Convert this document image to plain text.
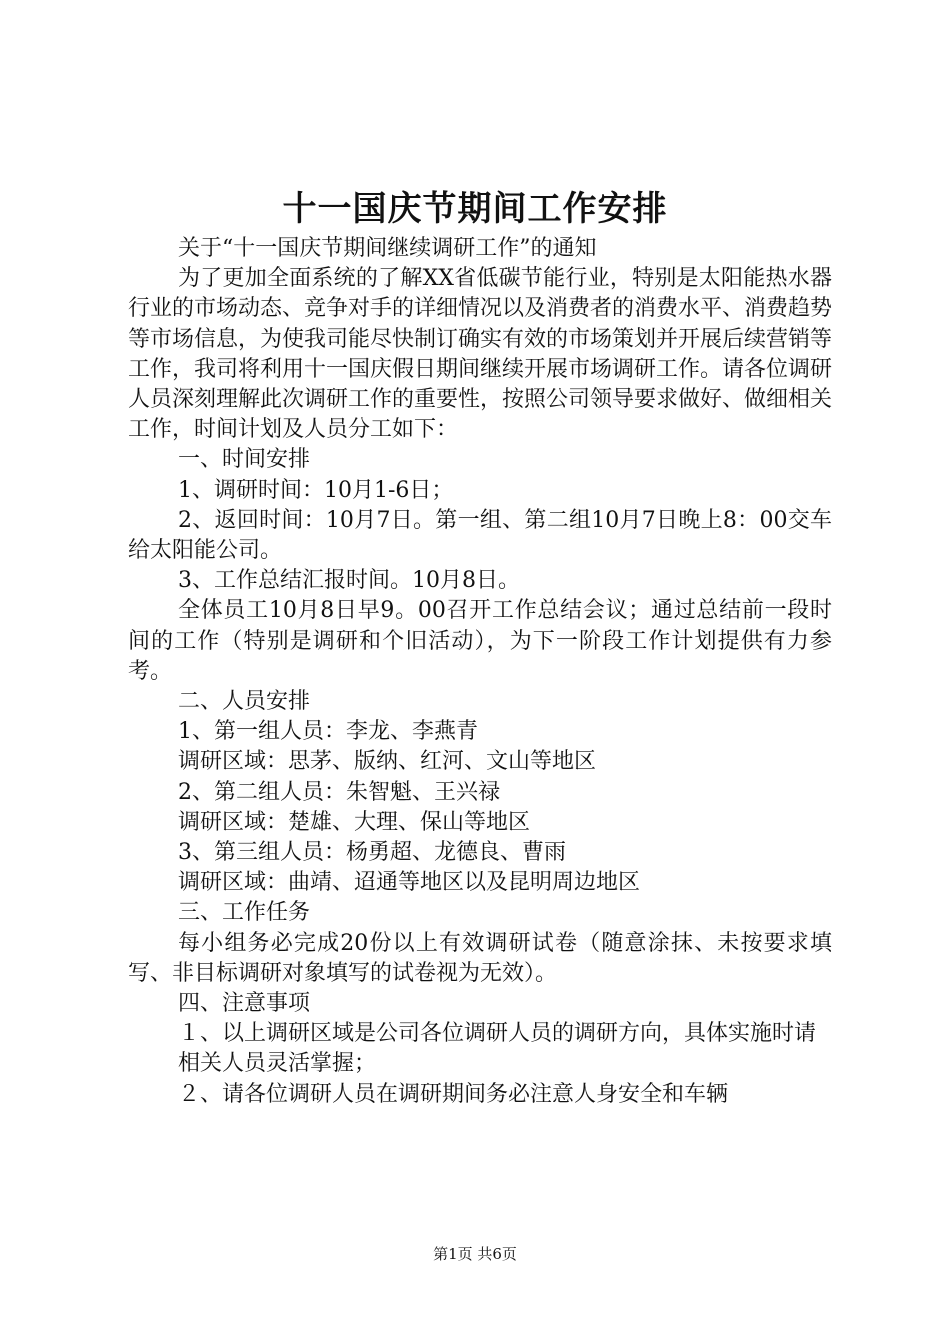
十一国庆节期间工作安排

关于“十一国庆节期间继续调研工作”的通知

为了更加全面系统的了解XX省低碳节能行业，特别是太阳能热水器行业的市场动态、竞争对手的详细情况以及消费者的消费水平、消费趋势等市场信息，为使我司能尽快制订确实有效的市场策划并开展后续营销等工作，我司将利用十一国庆假日期间继续开展市场调研工作。请各位调研人员深刻理解此次调研工作的重要性，按照公司领导要求做好、做细相关工作，时间计划及人员分工如下：

一、时间安排

1、调研时间：10月1-6日；

2、返回时间：10月7日。第一组、第二组10月7日晚上8：00交车给太阳能公司。

3、工作总结汇报时间。10月8日。

全体员工10月8日早9。00召开工作总结会议；通过总结前一段时间的工作（特别是调研和个旧活动），为下一阶段工作计划提供有力参考。

二、人员安排

1、第一组人员：李龙、李燕青

调研区域：思茅、版纳、红河、文山等地区

2、第二组人员：朱智魁、王兴禄

调研区域：楚雄、大理、保山等地区

3、第三组人员：杨勇超、龙德良、曹雨

调研区域：曲靖、迢通等地区以及昆明周边地区

三、工作任务

每小组务必完成20份以上有效调研试卷（随意涂抹、未按要求填写、非目标调研对象填写的试卷视为无效）。

四、注意事项

１、以上调研区域是公司各位调研人员的调研方向，具体实施时请

相关人员灵活掌握；

２、请各位调研人员在调研期间务必注意人身安全和车辆

第1页 共6页
